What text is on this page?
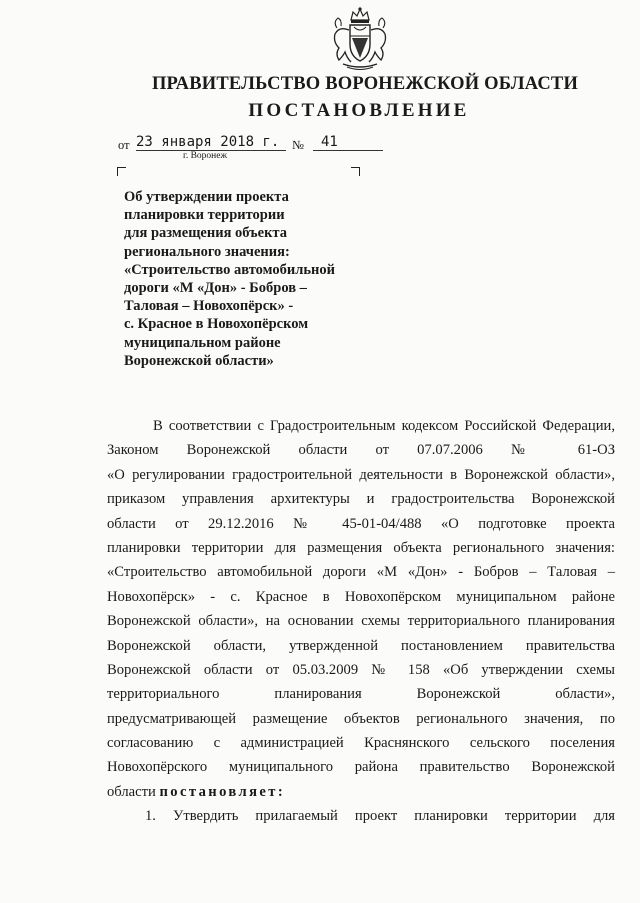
ПРАВИТЕЛЬСТВО ВОРОНЕЖСКОЙ ОБЛАСТИ
ПОСТАНОВЛЕНИЕ
от 23 января 2018 г.	№	41
г. Воронеж
Об утверждении проекта
планировки территории
для размещения объекта
регионального значения:
«Строительство автомобильной
дороги «М «Дон» - Бобров –
Таловая – Новохопёрск» -
с. Красное в Новохопёрском
муниципальном районе
Воронежской области»
В соответствии с Градостроительным кодексом Российской Федерации,
Законом Воронежской области от 07.07.2006 № 61-ОЗ
«О регулировании градостроительной деятельности в Воронежской области»,
приказом управления архитектуры и градостроительства Воронежской
области от 29.12.2016 № 45-01-04/488 «О подготовке проекта
планировки территории для размещения объекта регионального значения:
«Строительство автомобильной дороги «М «Дон» - Бобров – Таловая –
Новохопёрск» - с. Красное в Новохопёрском муниципальном районе
Воронежской области», на основании схемы территориального планирования
Воронежской области, утвержденной постановлением правительства
Воронежской области от 05.03.2009 № 158 «Об утверждении схемы
территориального планирования Воронежской области»,
предусматривающей размещение объектов регионального значения, по
согласованию с администрацией Краснянского сельского поселения
Новохопёрского муниципального района правительство Воронежской
области постановляет:
1. Утвердить прилагаемый проект планировки территории для
